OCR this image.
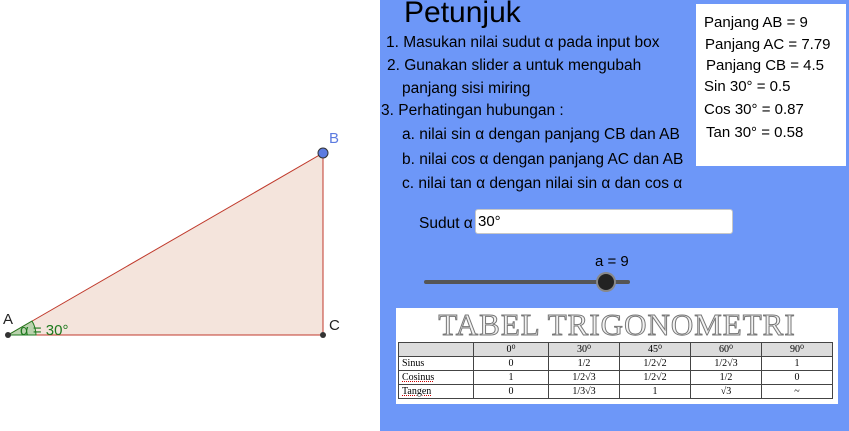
A
B
C
α = 30°
Petunjuk
1. Masukan nilai sudut α pada input box
2. Gunakan slider a untuk mengubah
panjang sisi miring
3. Perhatingan hubungan :
a. nilai sin α dengan panjang CB dan AB
b. nilai cos α dengan panjang AC dan AB
c. nilai tan α dengan nilai sin α dan cos α
Panjang AB = 9
Panjang AC = 7.79
Panjang CB = 4.5
Sin 30° = 0.5
Cos 30° = 0.87
Tan 30° = 0.58
Sudut α
30°
a = 9
TABEL TRIGONOMETRI
	0⁰	30⁰	45⁰	60⁰	90⁰
Sinus	0	1/2	1/2√2	1/2√3	1
Cosinus	1	1/2√3	1/2√2	1/2	0
Tangen	0	1/3√3	1	√3	~
